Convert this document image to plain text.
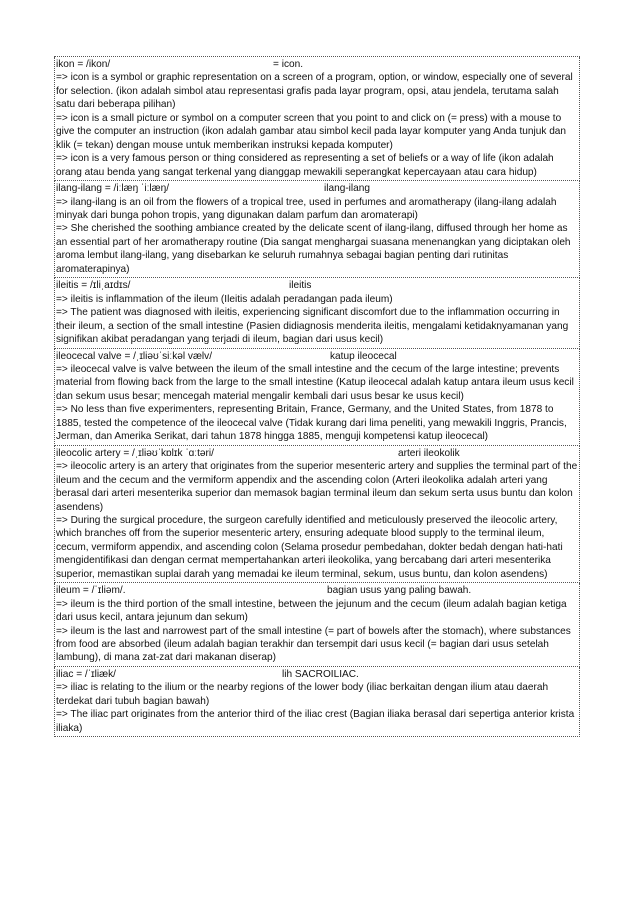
ikon = /ikon/	= icon.
=> icon is a symbol or graphic representation on a screen of a program, option, or window, especially one of several for selection. (ikon adalah simbol atau representasi grafis pada layar program, opsi, atau jendela, terutama salah satu dari beberapa pilihan)
=> icon is a small picture or symbol on a computer screen that you point to and click on (= press) with a mouse to give the computer an instruction (ikon adalah gambar atau simbol kecil pada layar komputer yang Anda tunjuk dan klik (= tekan) dengan mouse untuk memberikan instruksi kepada komputer)
=> icon is a very famous person or thing considered as representing a set of beliefs or a way of life (ikon adalah orang atau benda yang sangat terkenal yang dianggap mewakili seperangkat kepercayaan atau cara hidup)
ilang-ilang = /iːlæŋ ˈiːlæŋ/	ilang-ilang
=> ilang-ilang is an oil from the flowers of a tropical tree, used in perfumes and aromatherapy (ilang-ilang adalah minyak dari bunga pohon tropis, yang digunakan dalam parfum dan aromaterapi)
=> She cherished the soothing ambiance created by the delicate scent of ilang-ilang, diffused through her home as an essential part of her aromatherapy routine (Dia sangat menghargai suasana menenangkan yang diciptakan oleh aroma lembut ilang-ilang, yang disebarkan ke seluruh rumahnya sebagai bagian penting dari rutinitas aromaterapinya)
ileitis = /ɪliˌaɪdɪs/	ileitis
=> ileitis is inflammation of the ileum (Ileitis adalah peradangan pada ileum)
=> The patient was diagnosed with ileitis, experiencing significant discomfort due to the inflammation occurring in their ileum, a section of the small intestine (Pasien didiagnosis menderita ileitis, mengalami ketidaknyamanan yang signifikan akibat peradangan yang terjadi di ileum, bagian dari usus kecil)
ileocecal valve = /ˌɪliəʊˈsiːkəl vælv/	katup ileocecal
=> ileocecal valve is valve between the ileum of the small intestine and the cecum of the large intestine; prevents material from flowing back from the large to the small intestine (Katup ileocecal adalah katup antara ileum usus kecil dan sekum usus besar; mencegah material mengalir kembali dari usus besar ke usus kecil)
=> No less than five experimenters, representing Britain, France, Germany, and the United States, from 1878 to 1885, tested the competence of the ileocecal valve (Tidak kurang dari lima peneliti, yang mewakili Inggris, Prancis, Jerman, dan Amerika Serikat, dari tahun 1878 hingga 1885, menguji kompetensi katup ileocecal)
ileocolic artery = /ˌɪliəʊˈkɒlɪk ˈɑːtəri/	arteri ileokolik
=> ileocolic artery is an artery that originates from the superior mesenteric artery and supplies the terminal part of the ileum and the cecum and the vermiform appendix and the ascending colon (Arteri ileokolika adalah arteri yang berasal dari arteri mesenterika superior dan memasok bagian terminal ileum dan sekum serta usus buntu dan kolon asendens)
=> During the surgical procedure, the surgeon carefully identified and meticulously preserved the ileocolic artery, which branches off from the superior mesenteric artery, ensuring adequate blood supply to the terminal ileum, cecum, vermiform appendix, and ascending colon (Selama prosedur pembedahan, dokter bedah dengan hati-hati mengidentifikasi dan dengan cermat mempertahankan arteri ileokolika, yang bercabang dari arteri mesenterika superior, memastikan suplai darah yang memadai ke ileum terminal, sekum, usus buntu, dan kolon asendens)
ileum = /ˈɪliəm/.	bagian usus yang paling bawah.
=> ileum is the third portion of the small intestine, between the jejunum and the cecum (ileum adalah bagian ketiga dari usus kecil, antara jejunum dan sekum)
=> ileum is the last and narrowest part of the small intestine (= part of bowels after the stomach), where substances from food are absorbed (ileum adalah bagian terakhir dan tersempit dari usus kecil (= bagian dari usus setelah lambung), di mana zat-zat dari makanan diserap)
iliac = /ˈɪliæk/	lih SACROILIAC.
=> iliac is relating to the ilium or the nearby regions of the lower body (iliac berkaitan dengan ilium atau daerah terdekat dari tubuh bagian bawah)
=> The iliac part originates from the anterior third of the iliac crest (Bagian iliaka berasal dari sepertiga anterior krista iliaka)
